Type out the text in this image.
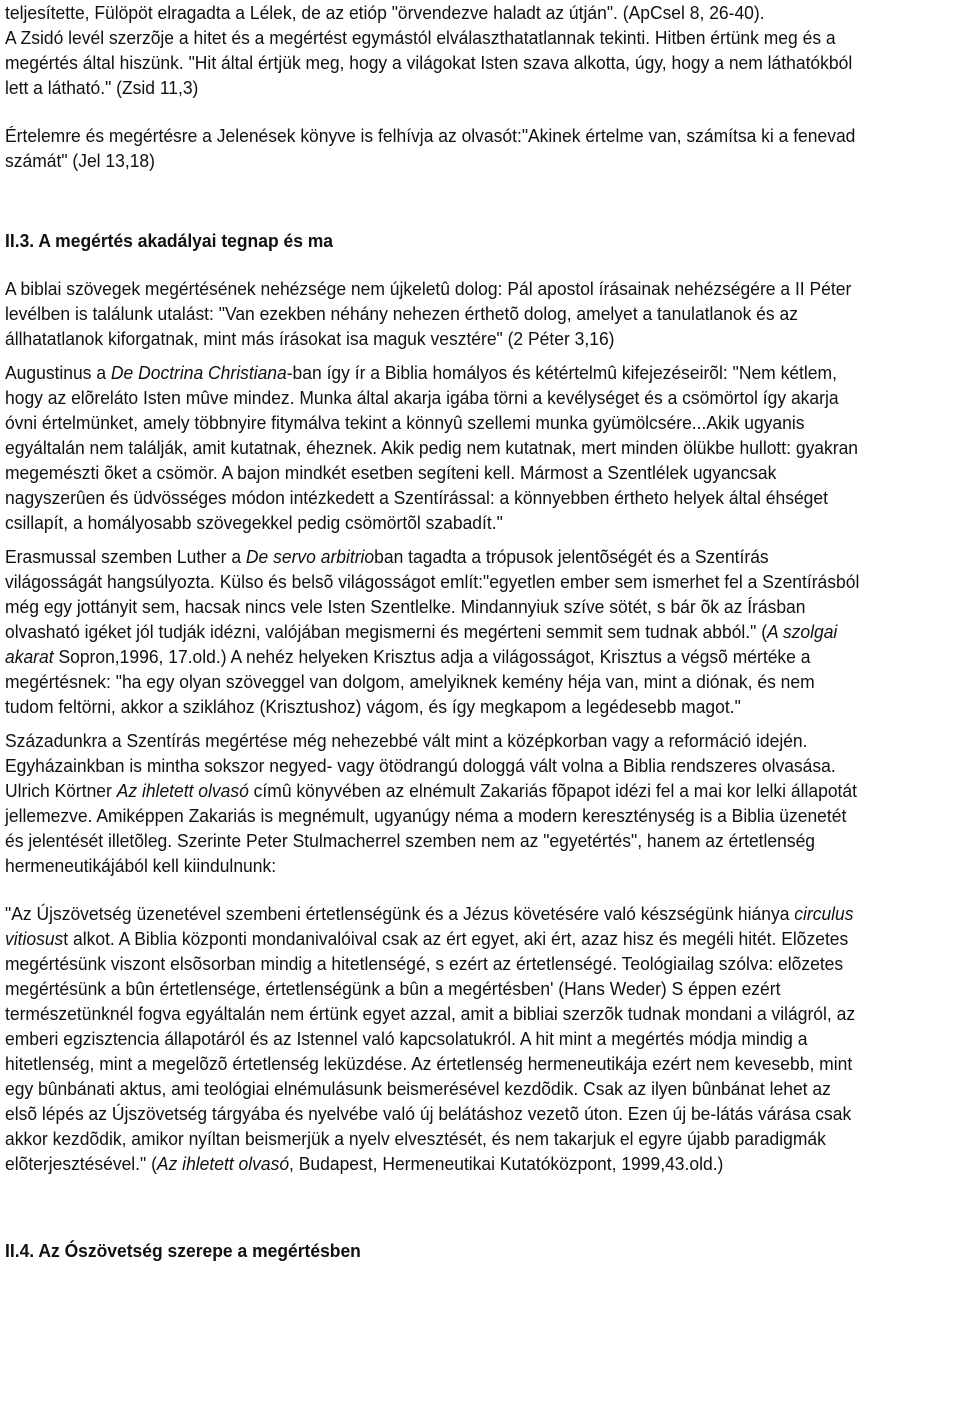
teljesítette, Fülöpöt elragadta a Lélek, de az etióp "örvendezve haladt az útján". (ApCsel 8, 26-40).
A Zsidó levél szerzõje a hitet és a megértést egymástól elválaszthatatlannak tekinti. Hitben értünk meg és a
megértés által hiszünk. "Hit által értjük meg, hogy a világokat Isten szava alkotta, úgy, hogy a nem láthatókból
lett a látható." (Zsid 11,3)

Értelemre és megértésre a Jelenések könyve is felhívja az olvasót:"Akinek értelme van, számítsa ki a fenevad
számát" (Jel 13,18)

II.3. A megértés akadályai tegnap és ma

A biblai szövegek megértésének nehézsége nem újkeletû dolog: Pál apostol írásainak nehézségére a II Péter
levélben is találunk utalást: "Van ezekben néhány nehezen érthetõ dolog, amelyet a tanulatlanok és az
állhatatlanok kiforgatnak, mint más írásokat isa maguk vesztére" (2 Péter 3,16)

Augustinus a De Doctrina Christiana-ban így ír a Biblia homályos és kétértelmû kifejezéseirõl: "Nem kétlem,
hogy az elõreláto Isten mûve mindez. Munka által akarja igába törni a kevélységet és a csömörtol így akarja
óvni értelmünket, amely többnyire fitymálva tekint a könnyû szellemi munka gyümölcsére...Akik ugyanis
egyáltalán nem találják, amit kutatnak, éheznek. Akik pedig nem kutatnak, mert minden ölükbe hullott: gyakran
megemészti õket a csömör. A bajon mindkét esetben segíteni kell. Mármost a Szentlélek ugyancsak
nagyszerûen és üdvösséges módon intézkedett a Szentírással: a könnyebben értheto helyek által éhséget
csillapít, a homályosabb szövegekkel pedig csömörtõl szabadít."

Erasmussal szemben Luther a De servo arbitrioban tagadta a trópusok jelentõségét és a Szentírás
világosságát hangsúlyozta. Külso és belsõ világosságot említ:"egyetlen ember sem ismerhet fel a Szentírásból
még egy jottányit sem, hacsak nincs vele Isten Szentlelke. Mindannyiuk szíve sötét, s bár õk az Írásban
olvasható igéket jól tudják idézni, valójában megismerni és megérteni semmit sem tudnak abból." (A szolgai
akarat Sopron,1996, 17.old.) A nehéz helyeken Krisztus adja a világosságot, Krisztus a végsõ mértéke a
megértésnek: "ha egy olyan szöveggel van dolgom, amelyiknek kemény héja van, mint a diónak, és nem
tudom feltörni, akkor a sziklához (Krisztushoz) vágom, és így megkapom a legédesebb magot."

Századunkra a Szentírás megértése még nehezebbé vált mint a középkorban vagy a reformáció idején.
Egyházainkban is mintha sokszor negyed- vagy ötödrangú dologgá vált volna a Biblia rendszeres olvasása.
Ulrich Körtner Az ihletett olvasó címû könyvében az elnémult Zakariás fõpapot idézi fel a mai kor lelki állapotát
jellemezve. Amiképpen Zakariás is megnémult, ugyanúgy néma a modern kereszténység is a Biblia üzenetét
és jelentését illetõleg. Szerinte Peter Stulmacherrel szemben nem az "egyetértés", hanem az értetlenség
hermeneutikájából kell kiindulnunk:

"Az Újszövetség üzenetével szembeni értetlenségünk és a Jézus követésére való készségünk hiánya circulus
vitiosust alkot. A Biblia központi mondanivalóival csak az ért egyet, aki ért, azaz hisz és megéli hitét. Elõzetes
megértésünk viszont elsõsorban mindig a hitetlenségé, s ezért az értetlenségé. Teológiailag szólva: elõzetes
megértésünk a bûn értetlensége, értetlenségünk a bûn a megértésben' (Hans Weder) S éppen ezért
természetünknél fogva egyáltalán nem értünk egyet azzal, amit a bibliai szerzõk tudnak mondani a világról, az
emberi egzisztencia állapotáról és az Istennel való kapcsolatukról. A hit mint a megértés módja mindig a
hitetlenség, mint a megelõzõ értetlenség leküzdése. Az értetlenség hermeneutikája ezért nem kevesebb, mint
egy bûnbánati aktus, ami teológiai elnémulásunk beismerésével kezdõdik. Csak az ilyen bûnbánat lehet az
elsõ lépés az Újszövetség tárgyába és nyelvébe való új belátáshoz vezetõ úton. Ezen új be-látás várása csak
akkor kezdõdik, amikor nyíltan beismerjük a nyelv elvesztését, és nem takarjuk el egyre újabb paradigmák
elõterjesztésével." (Az ihletett olvasó, Budapest, Hermeneutikai Kutatóközpont, 1999,43.old.)

II.4. Az Ószövetség szerepe a megértésben
